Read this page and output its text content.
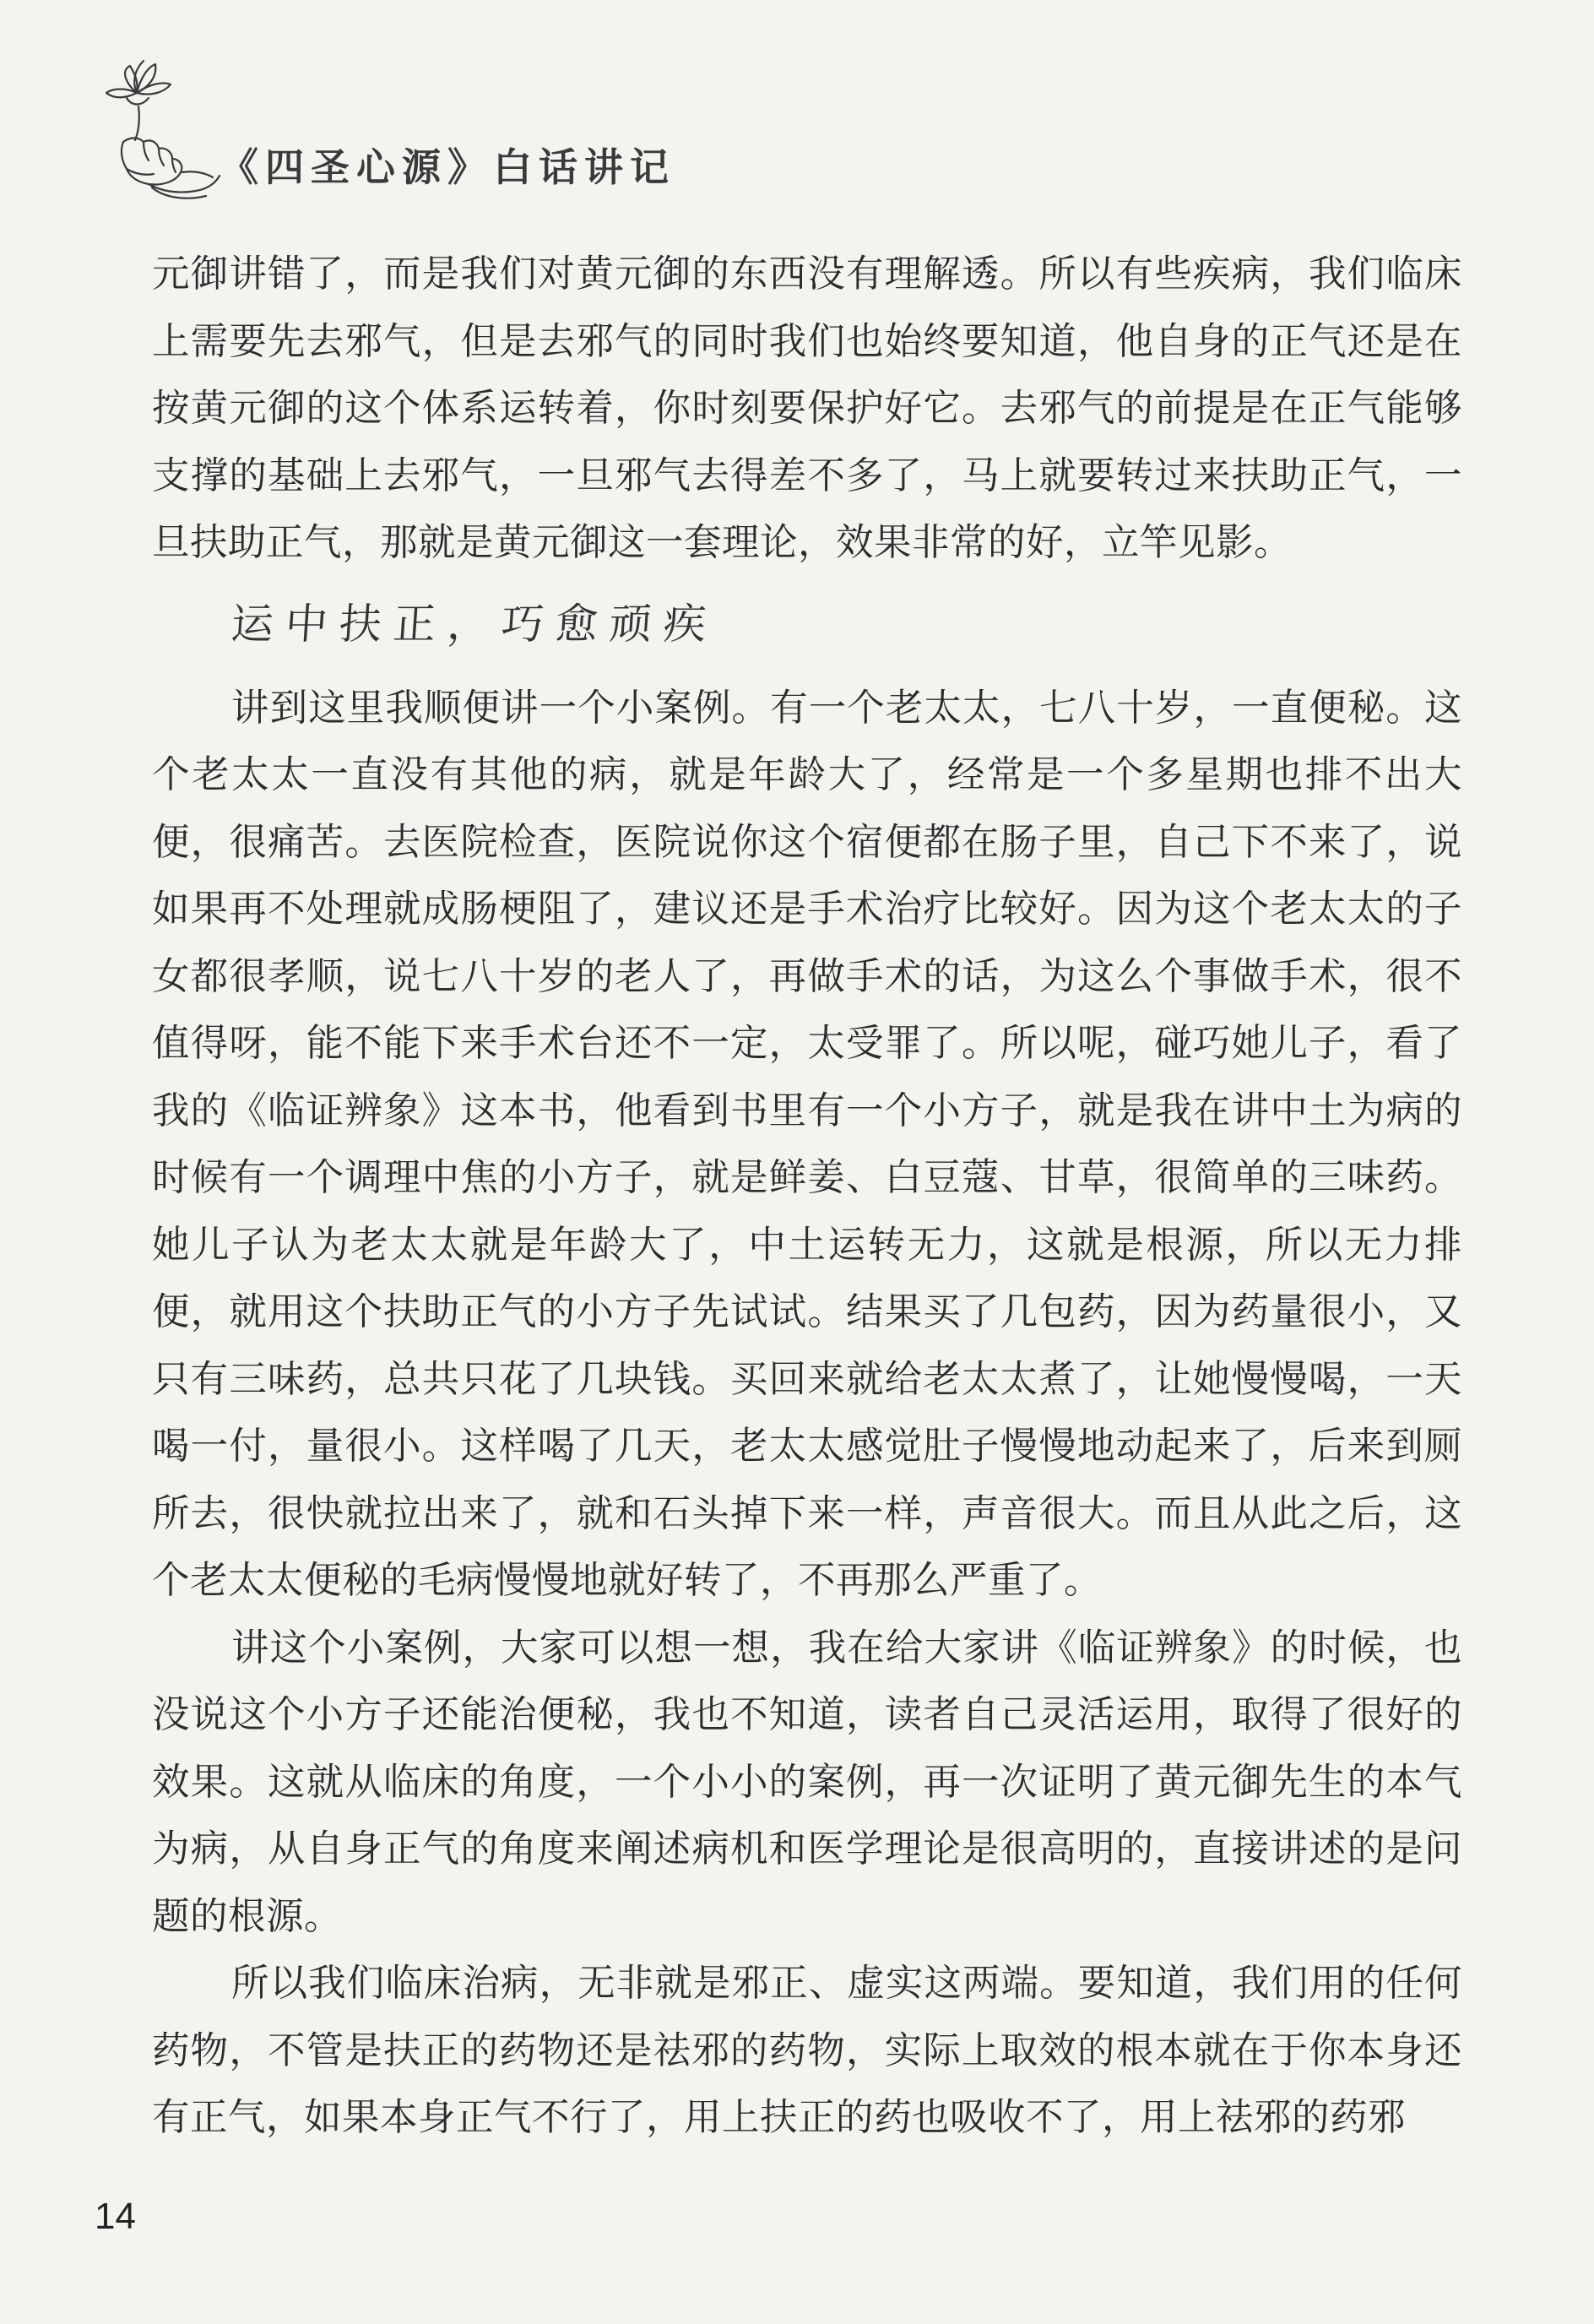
《四圣心源》白话讲记

元御讲错了，而是我们对黄元御的东西没有理解透。所以有些疾病，我们临床上需要先去邪气，但是去邪气的同时我们也始终要知道，他自身的正气还是在按黄元御的这个体系运转着，你时刻要保护好它。去邪气的前提是在正气能够支撑的基础上去邪气，一旦邪气去得差不多了，马上就要转过来扶助正气，一旦扶助正气，那就是黄元御这一套理论，效果非常的好，立竿见影。

运中扶正，巧愈顽疾

讲到这里我顺便讲一个小案例。有一个老太太，七八十岁，一直便秘。这个老太太一直没有其他的病，就是年龄大了，经常是一个多星期也排不出大便，很痛苦。去医院检查，医院说你这个宿便都在肠子里，自己下不来了，说如果再不处理就成肠梗阻了，建议还是手术治疗比较好。因为这个老太太的子女都很孝顺，说七八十岁的老人了，再做手术的话，为这么个事做手术，很不值得呀，能不能下来手术台还不一定，太受罪了。所以呢，碰巧她儿子，看了我的《临证辨象》这本书，他看到书里有一个小方子，就是我在讲中土为病的时候有一个调理中焦的小方子，就是鲜姜、白豆蔻、甘草，很简单的三味药。她儿子认为老太太就是年龄大了，中土运转无力，这就是根源，所以无力排便，就用这个扶助正气的小方子先试试。结果买了几包药，因为药量很小，又只有三味药，总共只花了几块钱。买回来就给老太太煮了，让她慢慢喝，一天喝一付，量很小。这样喝了几天，老太太感觉肚子慢慢地动起来了，后来到厕所去，很快就拉出来了，就和石头掉下来一样，声音很大。而且从此之后，这个老太太便秘的毛病慢慢地就好转了，不再那么严重了。

讲这个小案例，大家可以想一想，我在给大家讲《临证辨象》的时候，也没说这个小方子还能治便秘，我也不知道，读者自己灵活运用，取得了很好的效果。这就从临床的角度，一个小小的案例，再一次证明了黄元御先生的本气为病，从自身正气的角度来阐述病机和医学理论是很高明的，直接讲述的是问题的根源。

所以我们临床治病，无非就是邪正、虚实这两端。要知道，我们用的任何药物，不管是扶正的药物还是祛邪的药物，实际上取效的根本就在于你本身还有正气，如果本身正气不行了，用上扶正的药也吸收不了，用上祛邪的药邪

14
